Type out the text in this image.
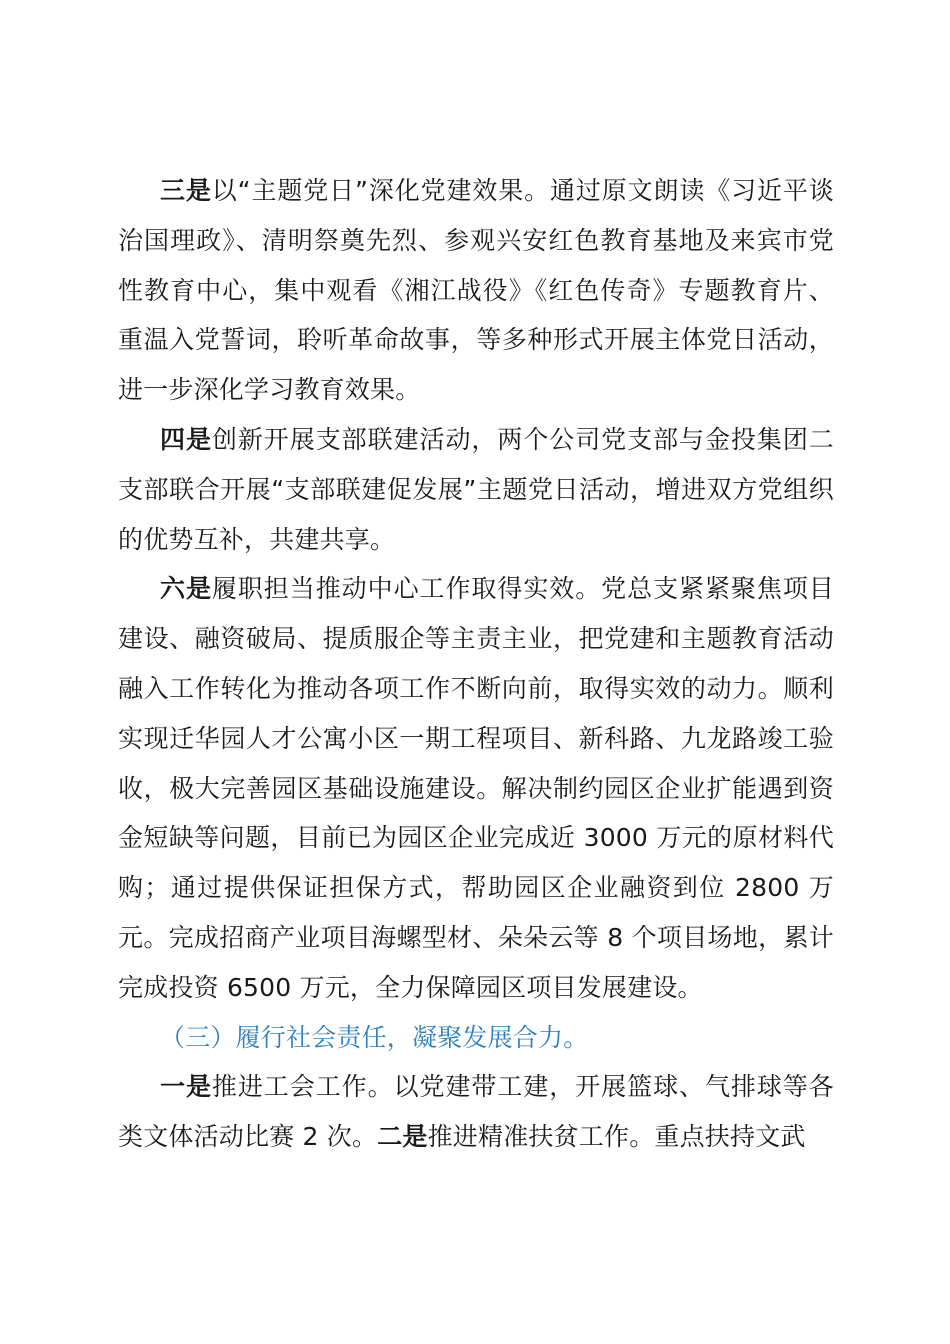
三是以“主题党日”深化党建效果。通过原文朗读《习近平谈治国理政》、清明祭奠先烈、参观兴安红色教育基地及来宾市党性教育中心，集中观看《湘江战役》《红色传奇》专题教育片、重温入党誓词，聆听革命故事，等多种形式开展主体党日活动，进一步深化学习教育效果。

四是创新开展支部联建活动，两个公司党支部与金投集团二支部联合开展“支部联建促发展”主题党日活动，增进双方党组织的优势互补，共建共享。

六是履职担当推动中心工作取得实效。党总支紧紧聚焦项目建设、融资破局、提质服企等主责主业，把党建和主题教育活动融入工作转化为推动各项工作不断向前，取得实效的动力。顺利实现迁华园人才公寓小区一期工程项目、新科路、九龙路竣工验收，极大完善园区基础设施建设。解决制约园区企业扩能遇到资金短缺等问题，目前已为园区企业完成近 3000 万元的原材料代购；通过提供保证担保方式，帮助园区企业融资到位 2800 万元。完成招商产业项目海螺型材、朵朵云等 8 个项目场地，累计完成投资 6500 万元，全力保障园区项目发展建设。

（三）履行社会责任，凝聚发展合力。

一是推进工会工作。以党建带工建，开展篮球、气排球等各类文体活动比赛 2 次。二是推进精准扶贫工作。重点扶持文武
